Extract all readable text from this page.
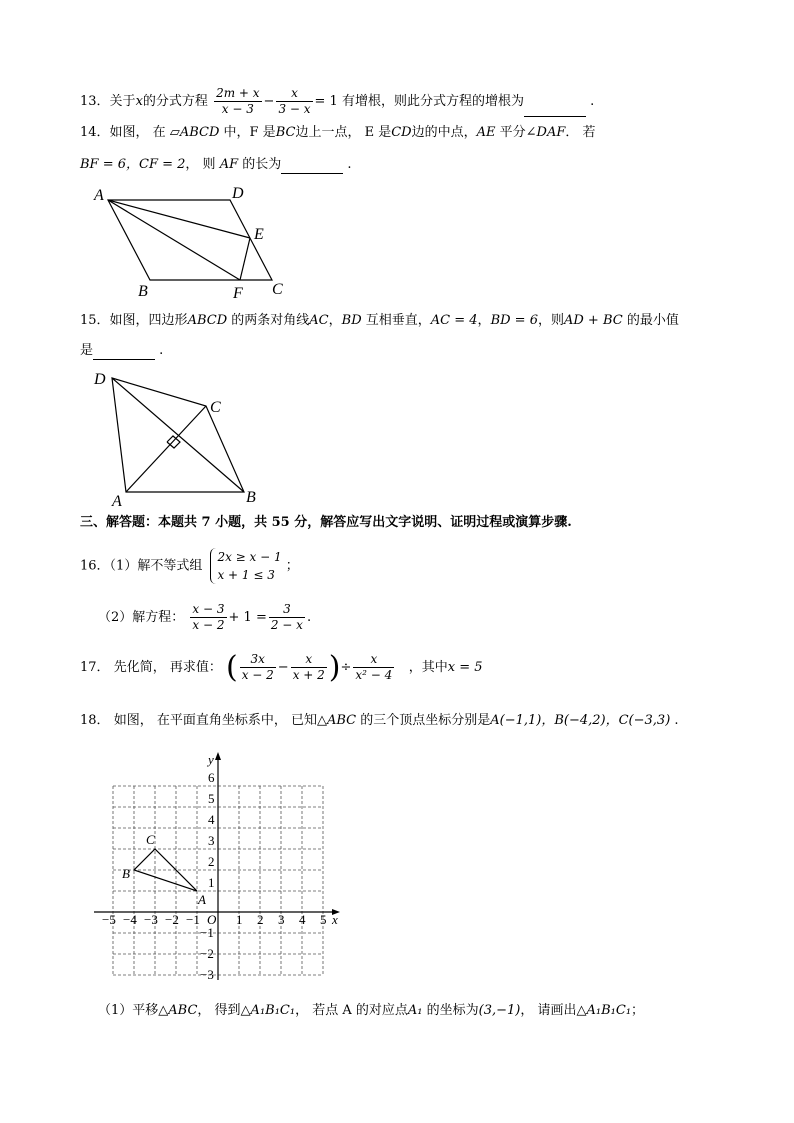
13．关于x的分式方程 $\frac{2m + x}{x - 3} - \frac{x}{3 - x} = 1$ 有增根，则此分式方程的增根为	.
14．如图， 在 ▱ABCD 中，F 是BC边上一点， E 是CD边的中点，AE 平分∠DAF． 若
BF = 6，CF = 2， 则 AF 的长为	.
A	D
E
B	F C
15．如图，四边形ABCD 的两条对角线AC，BD 互相垂直，AC = 4，BD = 6，则AD + BC 的最小值
是	.
D
C
A	B
三、解答题：本题共 7 小题，共 55 分，解答应写出文字说明、证明过程或演算步骤.
16．（1）解不等式组
2x ≥ x − 1
x + 1 ≤ 3
；
（2）解方程： $\frac{x - 3}{x - 2} + 1 = \frac{3}{2 - x}$ .
17． 先化简， 再求值： ( $\frac{3x}{x - 2} - \frac{x}{x + 2}$ )÷ $\frac{x}{\text{x² − 4}}$ ，其中x = 5
18． 如图， 在平面直角坐标系中， 已知△ABC 的三个顶点坐标分别是A(−1,1)，B(−4,2)，C(−3,3) .
x
y
O
−5 −4 −3 −2 −1	1 2 3 4 5
6
5
4
3
2
1
−1
−2
−3
A
B
C
（1）平移△ABC， 得到△A₁B₁C₁， 若点 A 的对应点A₁ 的坐标为(3,−1)， 请画出△A₁B₁C₁；
